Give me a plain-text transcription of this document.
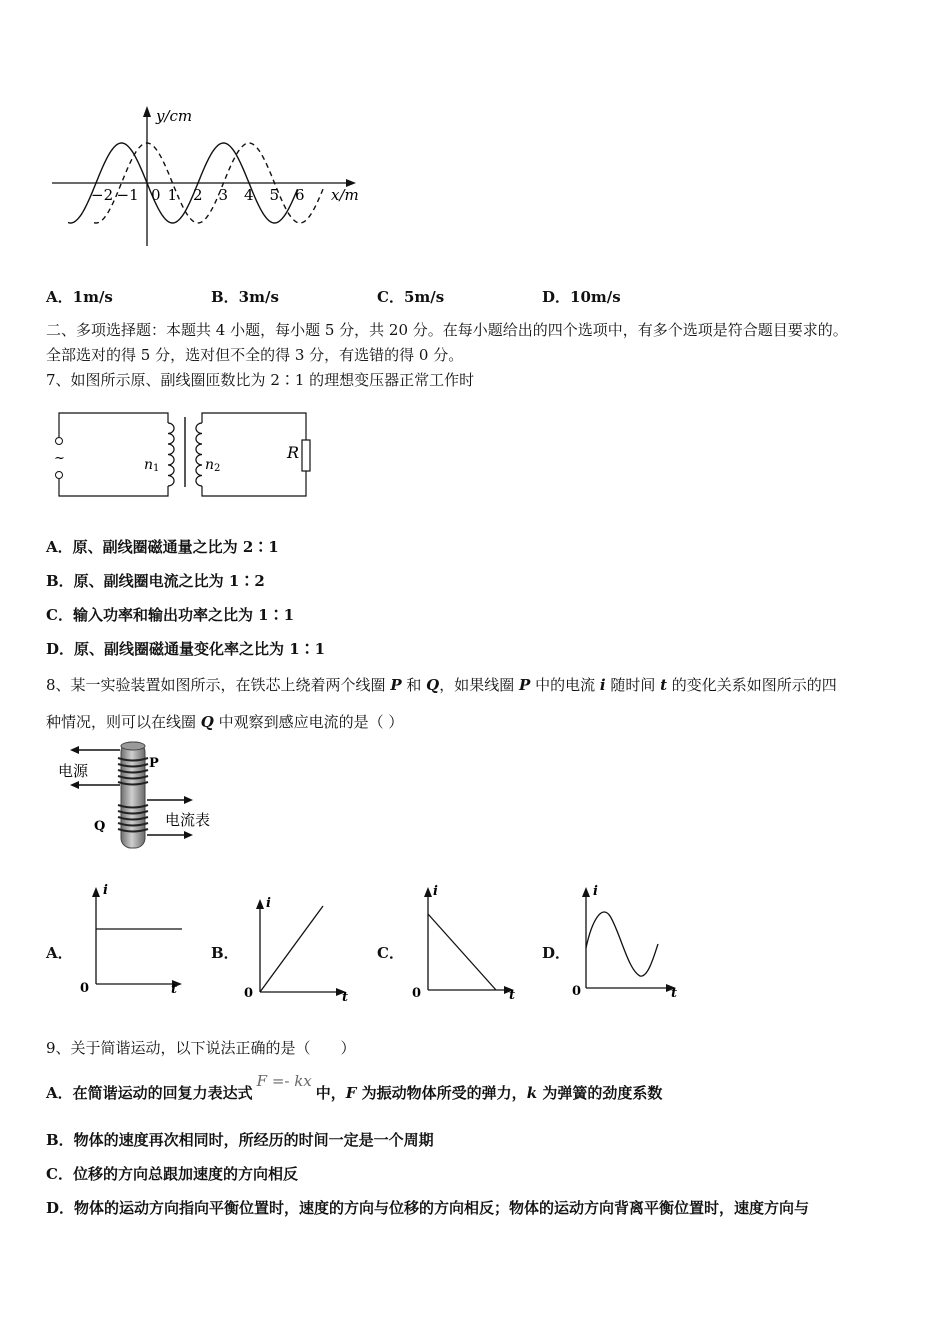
y/cm
x/m
−2 −1 0 1 2 3 4 5 6
A．1m/s	B．3m/s	C．5m/s	D．10m/s
二、多项选择题：本题共 4 小题，每小题 5 分，共 20 分。在每小题给出的四个选项中，有多个选项是符合题目要求的。
全部选对的得 5 分，选对但不全的得 3 分，有选错的得 0 分。
7、如图所示原、副线圈匝数比为 2∶1 的理想变压器正常工作时
~	R
n1	n2
A．原、副线圈磁通量之比为 2∶1
B．原、副线圈电流之比为 1∶2
C．输入功率和输出功率之比为 1∶1
D．原、副线圈磁通量变化率之比为 1∶1
8、某一实验装置如图所示，在铁芯上绕着两个线圈 P 和 Q，如果线圈 P 中的电流 i 随时间 t 的变化关系如图所示的四
种情况，则可以在线圈 Q 中观察到感应电流的是（ ）
电源
电流表
P
Q
A．
i
t
0
B．
i
t
0
C．
i
t
0
D．
i
t
0
9、关于简谐运动，以下说法正确的是（　　）
A．在简谐运动的回复力表达式F =- kx中，F 为振动物体所受的弹力，k 为弹簧的劲度系数
B．物体的速度再次相同时，所经历的时间一定是一个周期
C．位移的方向总跟加速度的方向相反
D．物体的运动方向指向平衡位置时，速度的方向与位移的方向相反；物体的运动方向背离平衡位置时，速度方向与
